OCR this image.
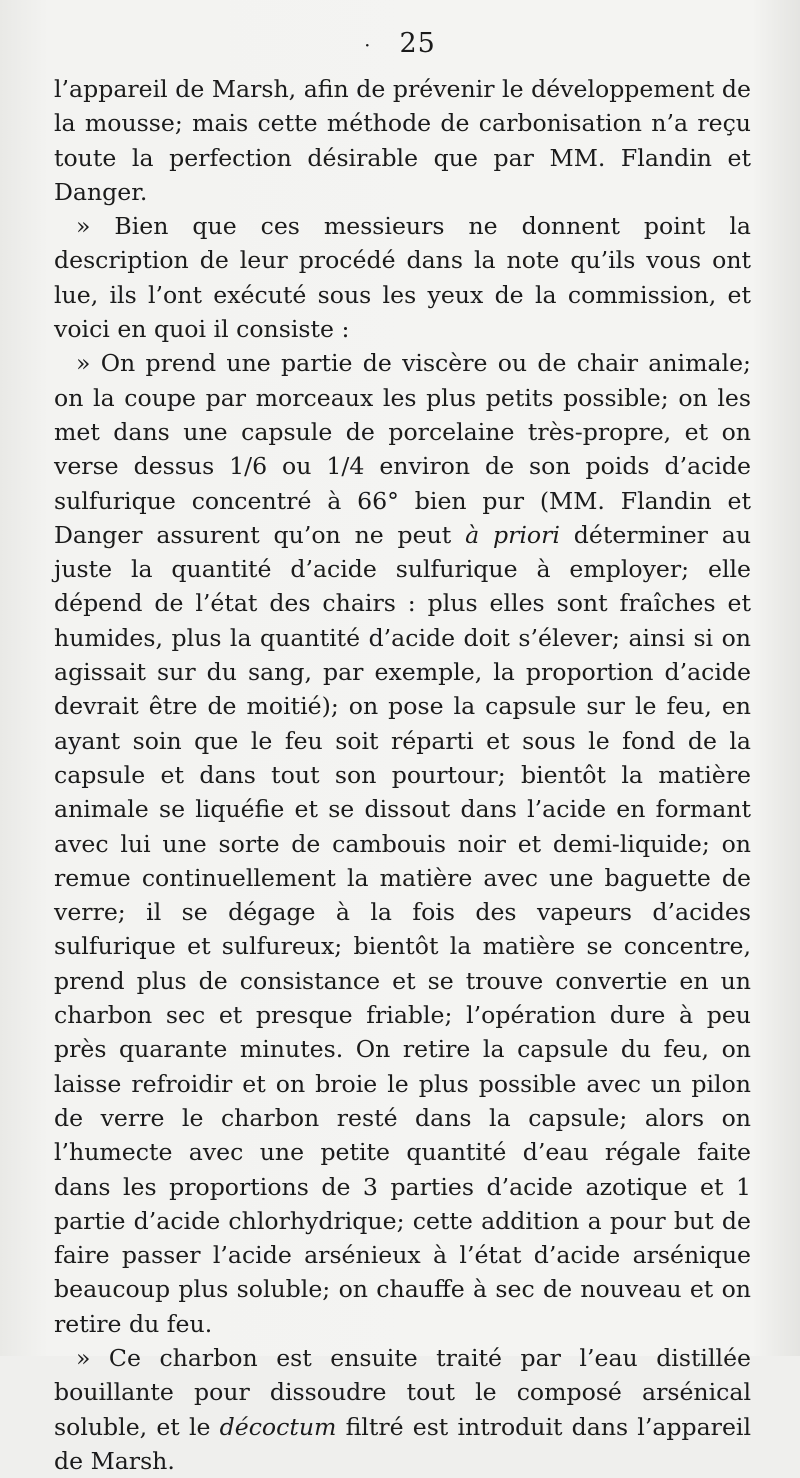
· 25

l’appareil de Marsh, afin de prévenir le développement de la mousse; mais cette méthode de carbonisation n’a reçu toute la perfection désirable que par MM. Flandin et Danger.

» Bien que ces messieurs ne donnent point la description de leur procédé dans la note qu’ils vous ont lue, ils l’ont exécuté sous les yeux de la commission, et voici en quoi il consiste :

» On prend une partie de viscère ou de chair animale; on la coupe par morceaux les plus petits possible; on les met dans une capsule de porcelaine très-propre, et on verse dessus 1/6 ou 1/4 environ de son poids d’acide sulfurique concentré à 66° bien pur (MM. Flandin et Danger assurent qu’on ne peut à priori déterminer au juste la quantité d’acide sulfurique à employer; elle dépend de l’état des chairs : plus elles sont fraîches et humides, plus la quantité d’acide doit s’élever; ainsi si on agissait sur du sang, par exemple, la proportion d’acide devrait être de moitié); on pose la capsule sur le feu, en ayant soin que le feu soit réparti et sous le fond de la capsule et dans tout son pourtour; bientôt la matière animale se liquéfie et se dissout dans l’acide en formant avec lui une sorte de cambouis noir et demi-liquide; on remue continuellement la matière avec une baguette de verre; il se dégage à la fois des vapeurs d’acides sulfurique et sulfureux; bientôt la matière se concentre, prend plus de consistance et se trouve convertie en un charbon sec et presque friable; l’opération dure à peu près quarante minutes. On retire la capsule du feu, on laisse refroidir et on broie le plus possible avec un pilon de verre le charbon resté dans la capsule; alors on l’humecte avec une petite quantité d’eau régale faite dans les proportions de 3 parties d’acide azotique et 1 partie d’acide chlorhydrique; cette addition a pour but de faire passer l’acide arsénieux à l’état d’acide arsénique beaucoup plus soluble; on chauffe à sec de nouveau et on retire du feu.

» Ce charbon est ensuite traité par l’eau distillée bouillante pour dissoudre tout le composé arsénical soluble, et le décoctum filtré est introduit dans l’appareil de Marsh.
